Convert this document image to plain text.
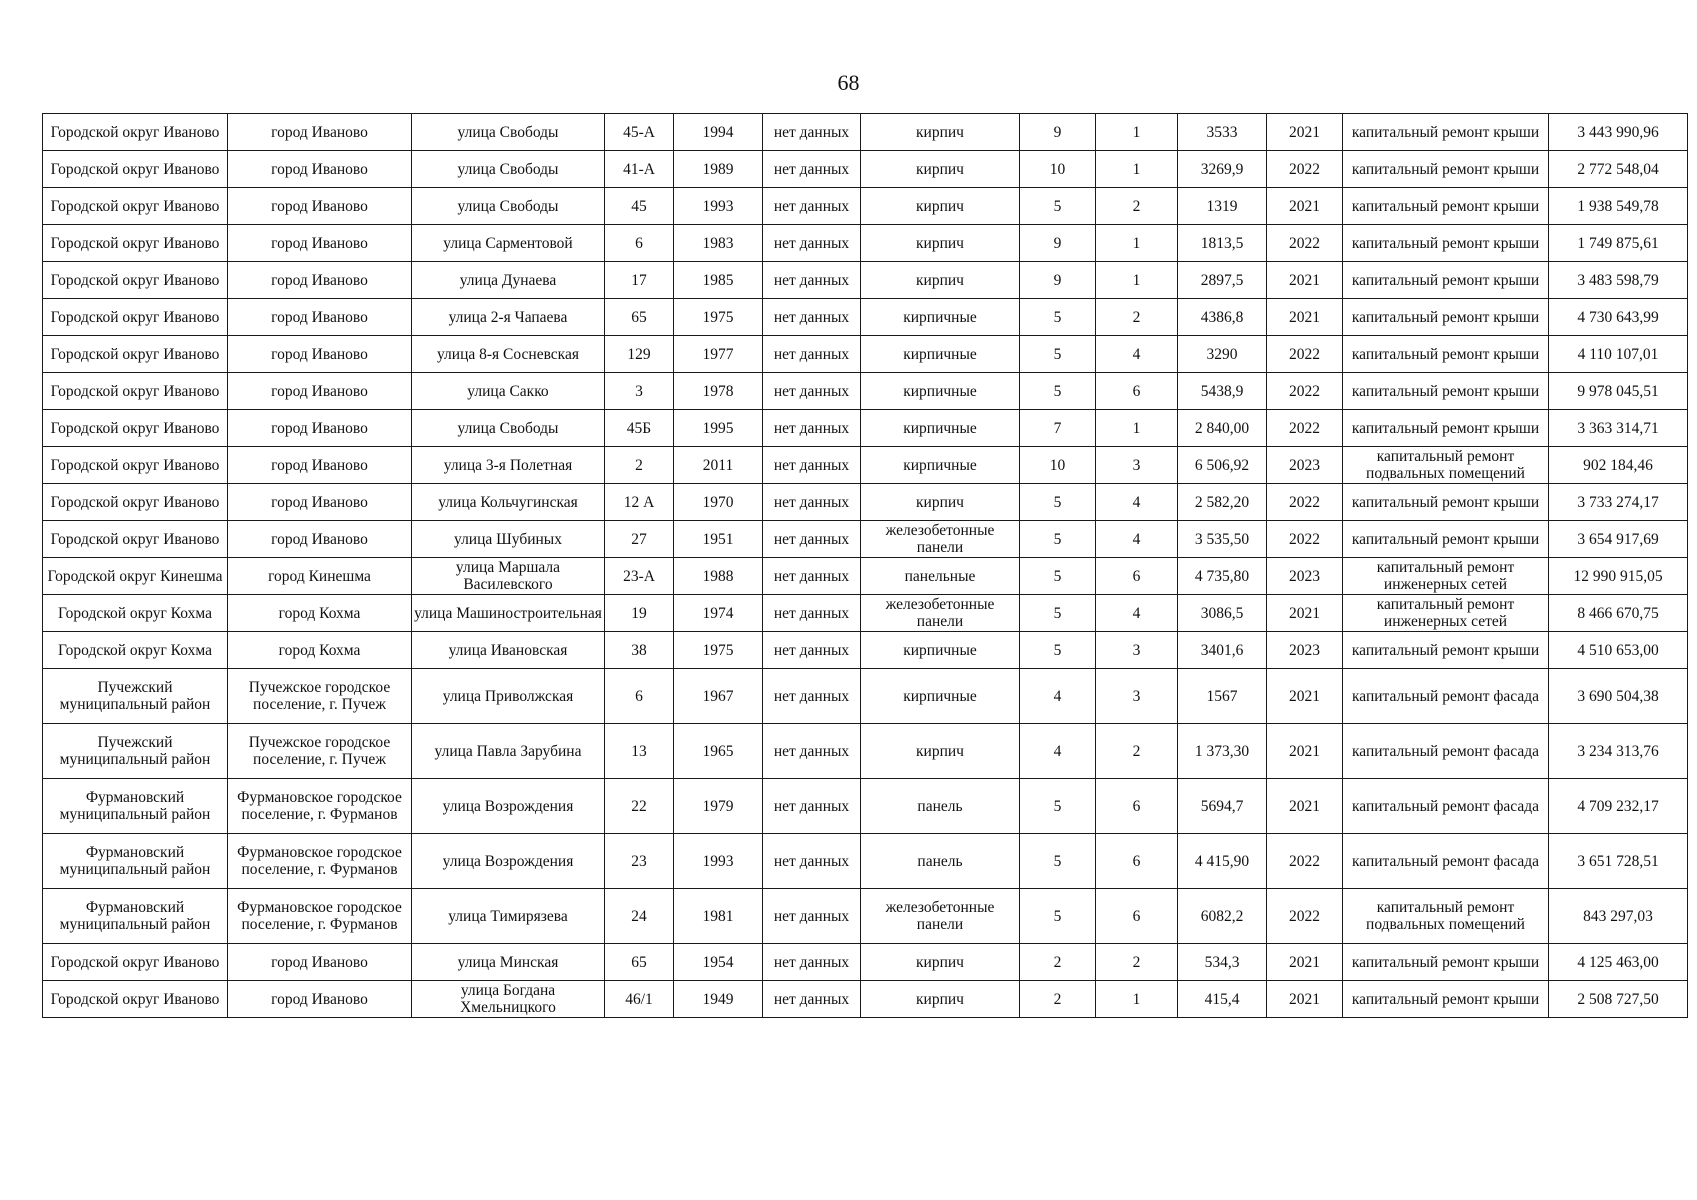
68
Городской округ Иваново	город Иваново	улица Свободы	45-А	1994	нет данных	кирпич	9	1	3533	2021	капитальный ремонт крыши	3 443 990,96

Городской округ Иваново	город Иваново	улица Свободы	41-А	1989	нет данных	кирпич	10	1	3269,9	2022	капитальный ремонт крыши	2 772 548,04

Городской округ Иваново	город Иваново	улица Свободы	45	1993	нет данных	кирпич	5	2	1319	2021	капитальный ремонт крыши	1 938 549,78

Городской округ Иваново	город Иваново	улица Сарментовой	6	1983	нет данных	кирпич	9	1	1813,5	2022	капитальный ремонт крыши	1 749 875,61

Городской округ Иваново	город Иваново	улица Дунаева	17	1985	нет данных	кирпич	9	1	2897,5	2021	капитальный ремонт крыши	3 483 598,79

Городской округ Иваново	город Иваново	улица 2-я Чапаева	65	1975	нет данных	кирпичные	5	2	4386,8	2021	капитальный ремонт крыши	4 730 643,99

Городской округ Иваново	город Иваново	улица 8-я Сосневская	129	1977	нет данных	кирпичные	5	4	3290	2022	капитальный ремонт крыши	4 110 107,01

Городской округ Иваново	город Иваново	улица Сакко	3	1978	нет данных	кирпичные	5	6	5438,9	2022	капитальный ремонт крыши	9 978 045,51

Городской округ Иваново	город Иваново	улица Свободы	45Б	1995	нет данных	кирпичные	7	1	2 840,00	2022	капитальный ремонт крыши	3 363 314,71

Городской округ Иваново	город Иваново	улица 3-я Полетная	2	2011	нет данных	кирпичные	10	3	6 506,92	2023	капитальный ремонт подвальных помещений	902 184,46

Городской округ Иваново	город Иваново	улица Кольчугинская	12 А	1970	нет данных	кирпич	5	4	2 582,20	2022	капитальный ремонт крыши	3 733 274,17

Городской округ Иваново	город Иваново	улица Шубиных	27	1951	нет данных	железобетонные панели	5	4	3 535,50	2022	капитальный ремонт крыши	3 654 917,69

Городской округ Кинешма	город Кинешма	улица Маршала Василевского	23-А	1988	нет данных	панельные	5	6	4 735,80	2023	капитальный ремонт инженерных сетей	12 990 915,05

Городской округ Кохма	город Кохма	улица Машиностроительная	19	1974	нет данных	железобетонные панели	5	4	3086,5	2021	капитальный ремонт инженерных сетей	8 466 670,75

Городской округ Кохма	город Кохма	улица Ивановская	38	1975	нет данных	кирпичные	5	3	3401,6	2023	капитальный ремонт крыши	4 510 653,00

Пучежский муниципальный район	Пучежское городское поселение, г. Пучеж	улица Приволжская	6	1967	нет данных	кирпичные	4	3	1567	2021	капитальный ремонт фасада	3 690 504,38

Пучежский муниципальный район	Пучежское городское поселение, г. Пучеж	улица Павла Зарубина	13	1965	нет данных	кирпич	4	2	1 373,30	2021	капитальный ремонт фасада	3 234 313,76

Фурмановский муниципальный район	Фурмановское городское поселение, г. Фурманов	улица Возрождения	22	1979	нет данных	панель	5	6	5694,7	2021	капитальный ремонт фасада	4 709 232,17

Фурмановский муниципальный район	Фурмановское городское поселение, г. Фурманов	улица Возрождения	23	1993	нет данных	панель	5	6	4 415,90	2022	капитальный ремонт фасада	3 651 728,51

Фурмановский муниципальный район	Фурмановское городское поселение, г. Фурманов	улица Тимирязева	24	1981	нет данных	железобетонные панели	5	6	6082,2	2022	капитальный ремонт подвальных помещений	843 297,03

Городской округ Иваново	город Иваново	улица Минская	65	1954	нет данных	кирпич	2	2	534,3	2021	капитальный ремонт крыши	4 125 463,00

Городской округ Иваново	город Иваново	улица Богдана Хмельницкого	46/1	1949	нет данных	кирпич	2	1	415,4	2021	капитальный ремонт крыши	2 508 727,50
